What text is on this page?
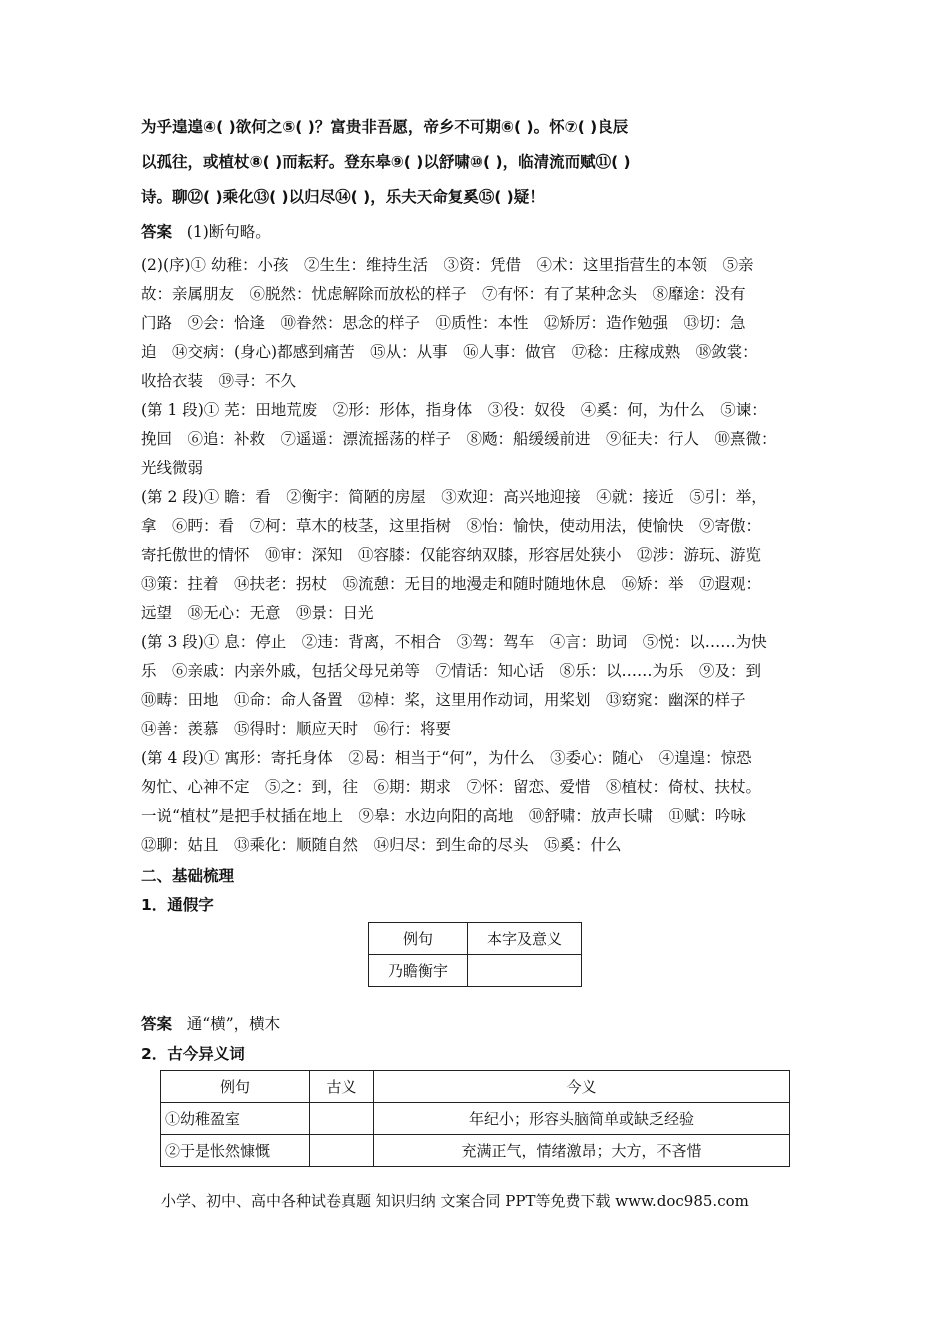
为乎遑遑④( )欲何之⑤( )？富贵非吾愿，帝乡不可期⑥( )。怀⑦( )良辰
以孤往，或植杖⑧( )而耘耔。登东皋⑨( )以舒啸⑩( )，临清流而赋⑪( )
诗。聊⑫( )乘化⑬( )以归尽⑭( )，乐夫天命复奚⑮( )疑！
答案 (1)断句略。
(2)(序)① 幼稚：小孩　②生生：维持生活　③资：凭借　④术：这里指营生的本领　⑤亲
故：亲属朋友　⑥脱然：忧虑解除而放松的样子　⑦有怀：有了某种念头　⑧靡途：没有
门路　⑨会：恰逢　⑩眷然：思念的样子　⑪质性：本性　⑫矫厉：造作勉强　⑬切：急
迫　⑭交病：(身心)都感到痛苦　⑮从：从事　⑯人事：做官　⑰稔：庄稼成熟　⑱敛裳：
收拾衣装　⑲寻：不久
(第 1 段)① 芜：田地荒废　②形：形体，指身体　③役：奴役　④奚：何，为什么　⑤谏：
挽回　⑥追：补救　⑦遥遥：漂流摇荡的样子　⑧飏：船缓缓前进　⑨征夫：行人　⑩熹微：
光线微弱
(第 2 段)① 瞻：看　②衡宇：简陋的房屋　③欢迎：高兴地迎接　④就：接近　⑤引：举，
拿　⑥眄：看　⑦柯：草木的枝茎，这里指树　⑧怡：愉快，使动用法，使愉快　⑨寄傲：
寄托傲世的情怀　⑩审：深知　⑪容膝：仅能容纳双膝，形容居处狭小　⑫涉：游玩、游览
⑬策：拄着　⑭扶老：拐杖　⑮流憩：无目的地漫走和随时随地休息　⑯矫：举　⑰遐观：
远望　⑱无心：无意　⑲景：日光
(第 3 段)① 息：停止　②违：背离，不相合　③驾：驾车　④言：助词　⑤悦：以……为快
乐　⑥亲戚：内亲外戚，包括父母兄弟等　⑦情话：知心话　⑧乐：以……为乐　⑨及：到
⑩畴：田地　⑪命：命人备置　⑫棹：桨，这里用作动词，用桨划　⑬窈窕：幽深的样子
⑭善：羡慕　⑮得时：顺应天时　⑯行：将要
(第 4 段)① 寓形：寄托身体　②曷：相当于“何”，为什么　③委心：随心　④遑遑：惊恐
匆忙、心神不定　⑤之：到，往　⑥期：期求　⑦怀：留恋、爱惜　⑧植杖：倚杖、扶杖。
一说“植杖”是把手杖插在地上　⑨皋：水边向阳的高地　⑩舒啸：放声长啸　⑪赋：吟咏
⑫聊：姑且　⑬乘化：顺随自然　⑭归尽：到生命的尽头　⑮奚：什么
二、基础梳理
1．通假字
例句	本字及意义
乃瞻衡宇	
答案 通“横”，横木
2．古今异义词
例句	古义	今义
①幼稚盈室		年纪小；形容头脑简单或缺乏经验
②于是怅然慷慨		充满正气，情绪激昂；大方，不吝惜
小学、初中、高中各种试卷真题 知识归纳 文案合同 PPT等免费下载 www.doc985.com
